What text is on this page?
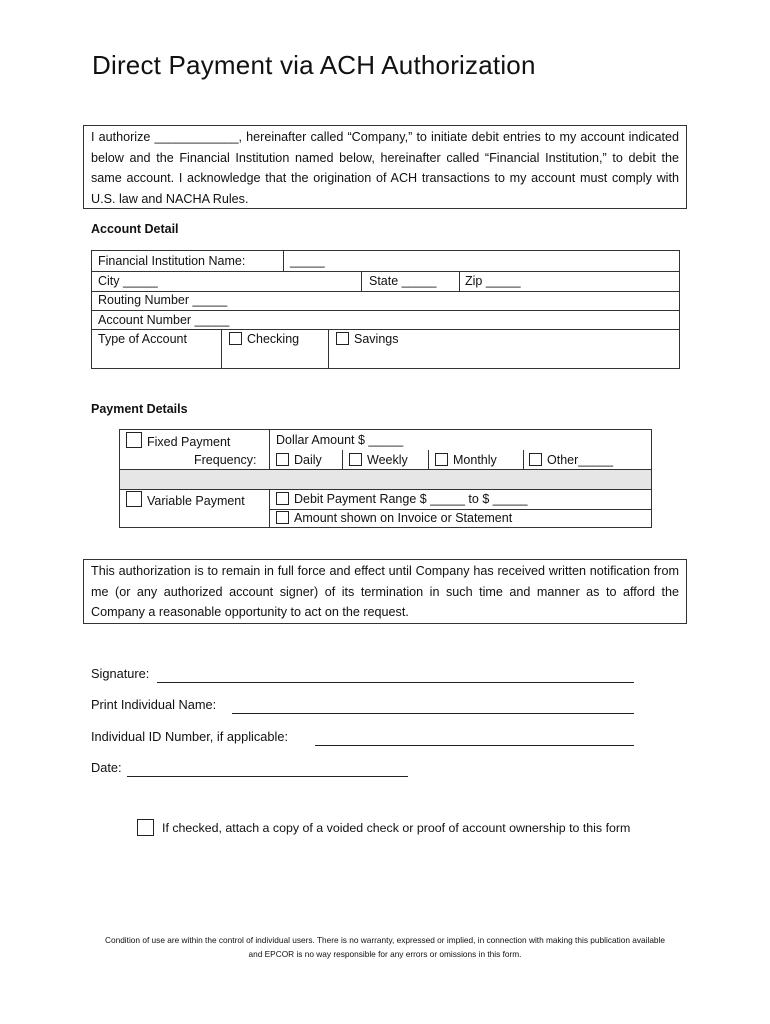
Direct Payment via ACH Authorization
I authorize ____________, hereinafter called “Company,” to initiate debit entries to my account indicated below and the Financial Institution named below, hereinafter called “Financial Institution,” to debit the same account. I acknowledge that the origination of ACH transactions to my account must comply with U.S. law and NACHA Rules.
Account Detail
Financial Institution Name:	_____
City _____	State _____ Zip _____
Routing Number _____
Account Number _____
Type of Account	Checking	Savings
Payment Details
Fixed Payment	Dollar Amount $ _____
Frequency:	Daily	Weekly	Monthly	Other_____
Variable Payment	Debit Payment Range $ _____ to $ _____
Amount shown on Invoice or Statement
This authorization is to remain in full force and effect until Company has received written notification from me (or any authorized account signer) of its termination in such time and manner as to afford the Company a reasonable opportunity to act on the request.
Signature:
Print Individual Name:
Individual ID Number, if applicable:
Date:
If checked, attach a copy of a voided check or proof of account ownership to this form
Condition of use are within the control of individual users. There is no warranty, expressed or implied, in connection with making this publication available and EPCOR is no way responsible for any errors or omissions in this form.
